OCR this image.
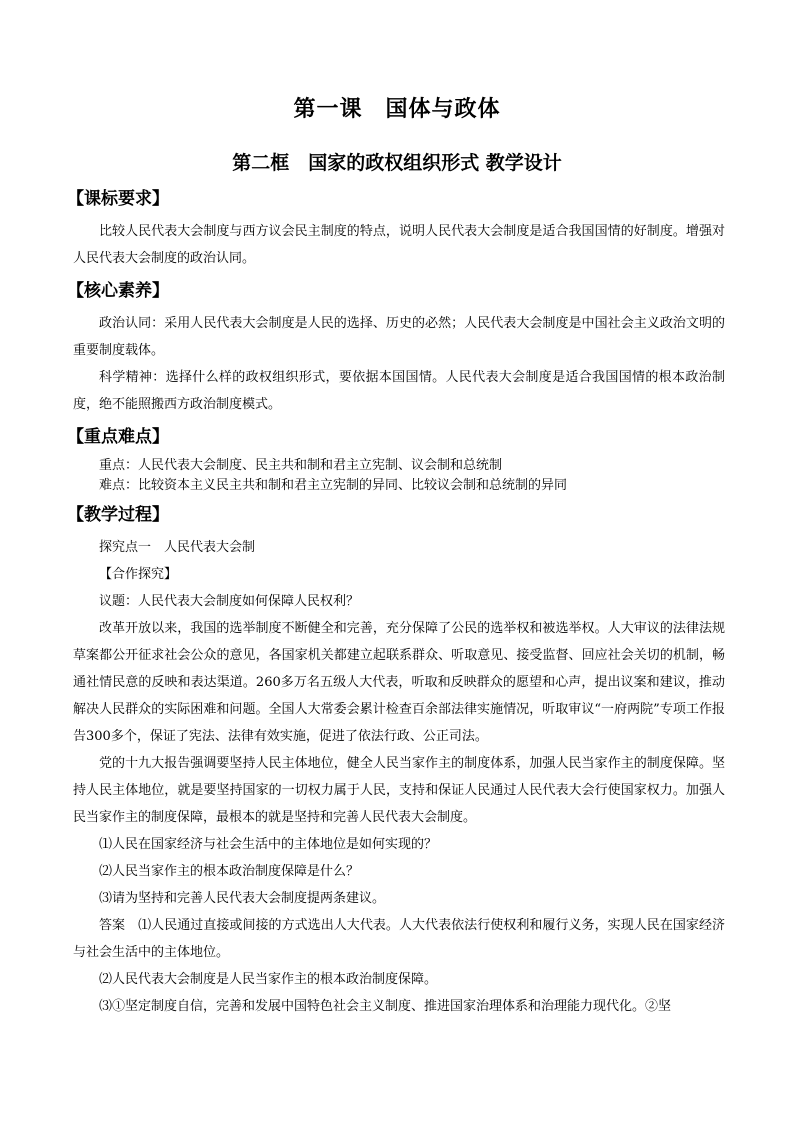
第一课　国体与政体
第二框　国家的政权组织形式 教学设计
【课标要求】

比较人民代表大会制度与西方议会民主制度的特点，说明人民代表大会制度是适合我国国情的好制度。增强对人民代表大会制度的政治认同。

【核心素养】

政治认同：采用人民代表大会制度是人民的选择、历史的必然；人民代表大会制度是中国社会主义政治文明的重要制度载体。

科学精神：选择什么样的政权组织形式，要依据本国国情。人民代表大会制度是适合我国国情的根本政治制度，绝不能照搬西方政治制度模式。

【重点难点】

重点：人民代表大会制度、民主共和制和君主立宪制、议会制和总统制

难点：比较资本主义民主共和制和君主立宪制的异同、比较议会制和总统制的异同

【教学过程】

探究点一　人民代表大会制

【合作探究】

议题：人民代表大会制度如何保障人民权利？

改革开放以来，我国的选举制度不断健全和完善，充分保障了公民的选举权和被选举权。人大审议的法律法规草案都公开征求社会公众的意见，各国家机关都建立起联系群众、听取意见、接受监督、回应社会关切的机制，畅通社情民意的反映和表达渠道。260多万名五级人大代表，听取和反映群众的愿望和心声，提出议案和建议，推动解决人民群众的实际困难和问题。全国人大常委会累计检查百余部法律实施情况，听取审议“一府两院”专项工作报告300多个，保证了宪法、法律有效实施，促进了依法行政、公正司法。

党的十九大报告强调要坚持人民主体地位，健全人民当家作主的制度体系，加强人民当家作主的制度保障。坚持人民主体地位，就是要坚持国家的一切权力属于人民，支持和保证人民通过人民代表大会行使国家权力。加强人民当家作主的制度保障，最根本的就是坚持和完善人民代表大会制度。

⑴人民在国家经济与社会生活中的主体地位是如何实现的？

⑵人民当家作主的根本政治制度保障是什么？

⑶请为坚持和完善人民代表大会制度提两条建议。

答案　⑴人民通过直接或间接的方式选出人大代表。人大代表依法行使权利和履行义务，实现人民在国家经济与社会生活中的主体地位。

⑵人民代表大会制度是人民当家作主的根本政治制度保障。

⑶①坚定制度自信，完善和发展中国特色社会主义制度、推进国家治理体系和治理能力现代化。②坚
